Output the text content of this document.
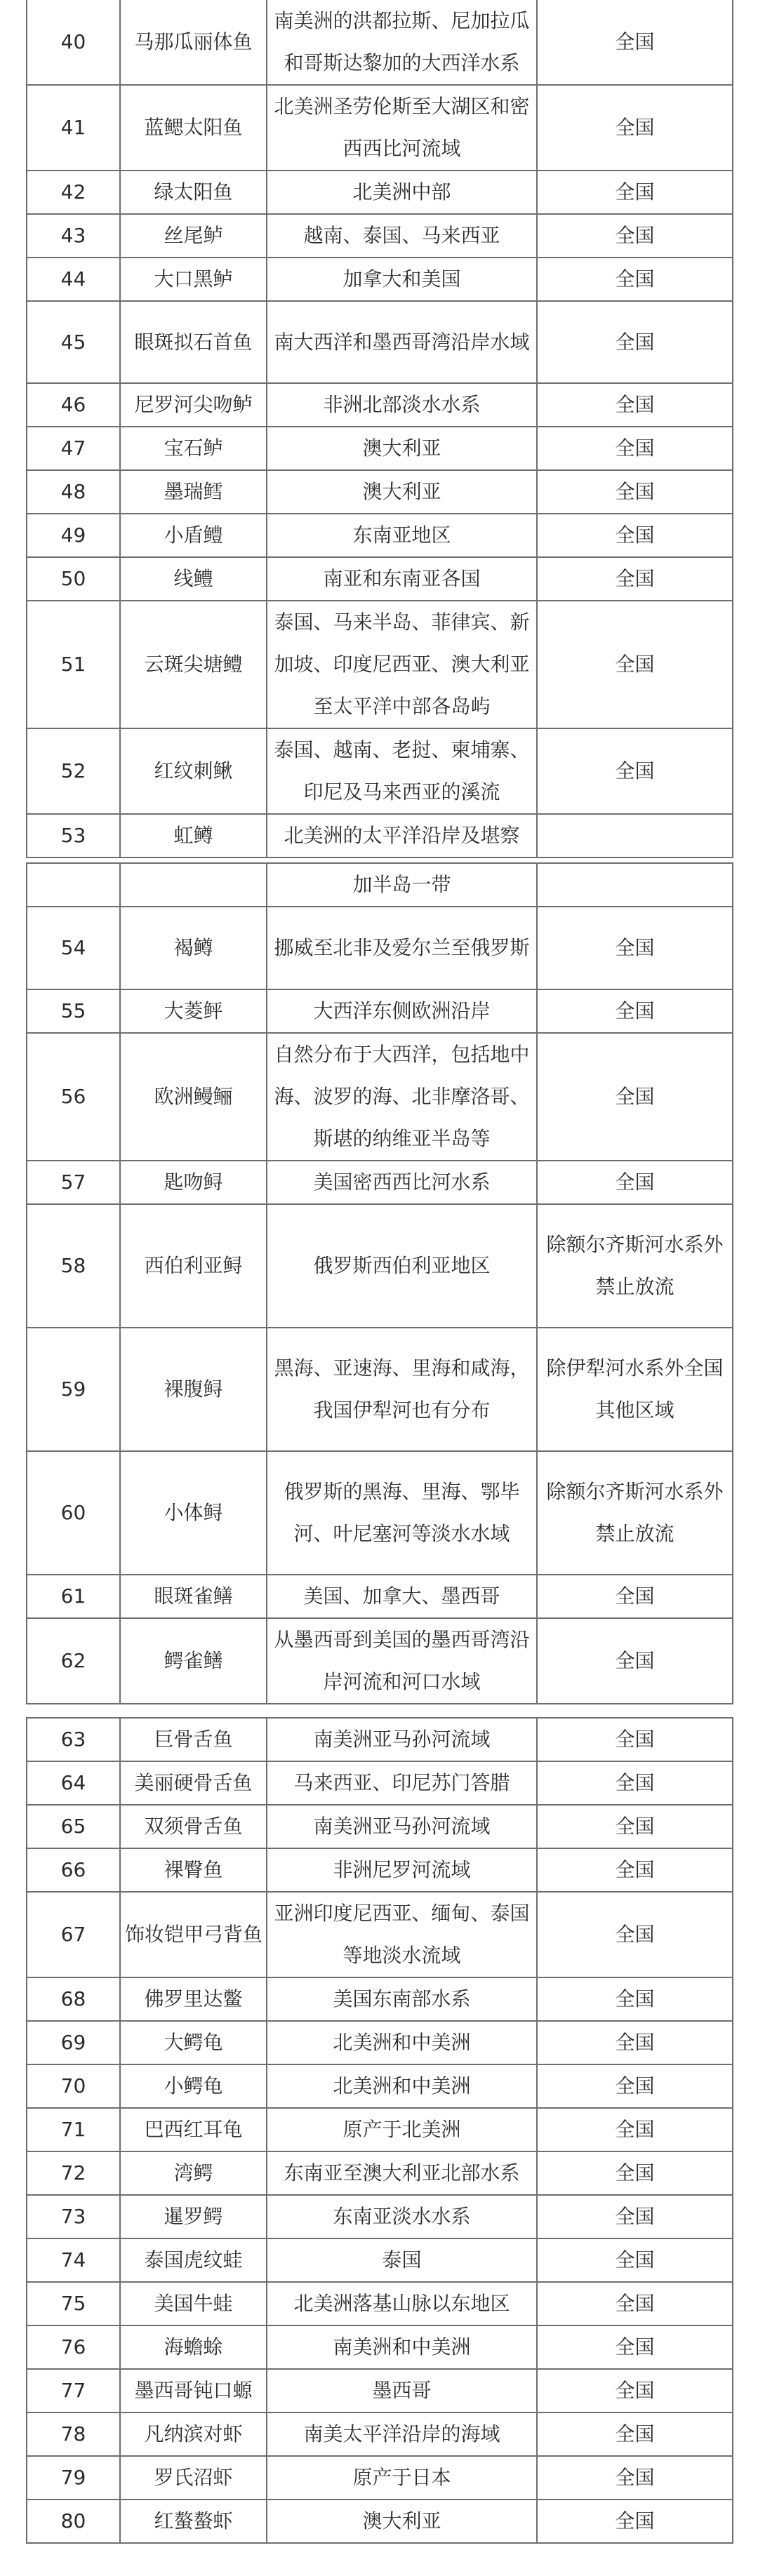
40	马那瓜丽体鱼	南美洲的洪都拉斯、尼加拉瓜和哥斯达黎加的大西洋水系	全国
41	蓝鳃太阳鱼	北美洲圣劳伦斯至大湖区和密西西比河流域	全国
42	绿太阳鱼	北美洲中部	全国
43	丝尾鲈	越南、泰国、马来西亚	全国
44	大口黑鲈	加拿大和美国	全国
45	眼斑拟石首鱼	南大西洋和墨西哥湾沿岸水域	全国
46	尼罗河尖吻鲈	非洲北部淡水水系	全国
47	宝石鲈	澳大利亚	全国
48	墨瑞鳕	澳大利亚	全国
49	小盾鳢	东南亚地区	全国
50	线鳢	南亚和东南亚各国	全国
51	云斑尖塘鳢	泰国、马来半岛、菲律宾、新加坡、印度尼西亚、澳大利亚至太平洋中部各岛屿	全国
52	红纹刺鳅	泰国、越南、老挝、柬埔寨、印尼及马来西亚的溪流	全国
53	虹鳟	北美洲的太平洋沿岸及堪察	
		加半岛一带	
54	褐鳟	挪威至北非及爱尔兰至俄罗斯	全国
55	大菱鲆	大西洋东侧欧洲沿岸	全国
56	欧洲鳗鲡	自然分布于大西洋，包括地中海、波罗的海、北非摩洛哥、斯堪的纳维亚半岛等	全国
57	匙吻鲟	美国密西西比河水系	全国
58	西伯利亚鲟	俄罗斯西伯利亚地区	除额尔齐斯河水系外禁止放流
59	裸腹鲟	黑海、亚速海、里海和咸海，我国伊犁河也有分布	除伊犁河水系外全国其他区域
60	小体鲟	俄罗斯的黑海、里海、鄂毕河、叶尼塞河等淡水水域	除额尔齐斯河水系外禁止放流
61	眼斑雀鳝	美国、加拿大、墨西哥	全国
62	鳄雀鳝	从墨西哥到美国的墨西哥湾沿岸河流和河口水域	全国
63	巨骨舌鱼	南美洲亚马孙河流域	全国
64	美丽硬骨舌鱼	马来西亚、印尼苏门答腊	全国
65	双须骨舌鱼	南美洲亚马孙河流域	全国
66	裸臀鱼	非洲尼罗河流域	全国
67	饰妆铠甲弓背鱼	亚洲印度尼西亚、缅甸、泰国等地淡水流域	全国
68	佛罗里达鳖	美国东南部水系	全国
69	大鳄龟	北美洲和中美洲	全国
70	小鳄龟	北美洲和中美洲	全国
71	巴西红耳龟	原产于北美洲	全国
72	湾鳄	东南亚至澳大利亚北部水系	全国
73	暹罗鳄	东南亚淡水水系	全国
74	泰国虎纹蛙	泰国	全国
75	美国牛蛙	北美洲落基山脉以东地区	全国
76	海蟾蜍	南美洲和中美洲	全国
77	墨西哥钝口螈	墨西哥	全国
78	凡纳滨对虾	南美太平洋沿岸的海域	全国
79	罗氏沼虾	原产于日本	全国
80	红螯螯虾	澳大利亚	全国
